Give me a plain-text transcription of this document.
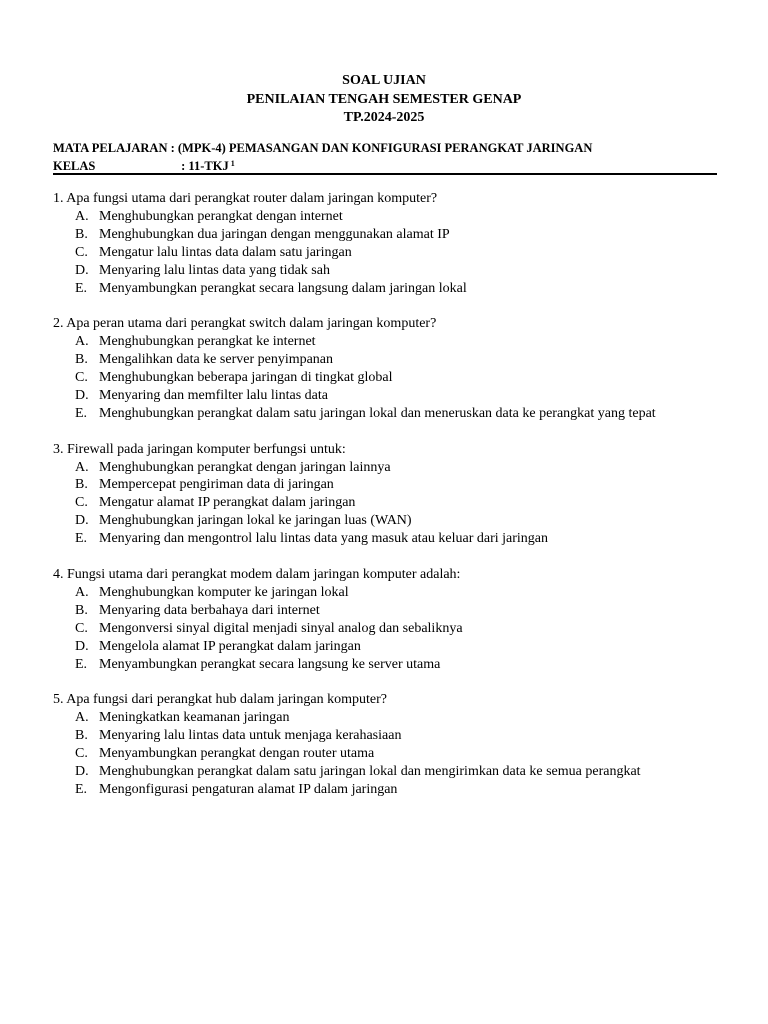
SOAL UJIAN
PENILAIAN TENGAH SEMESTER GENAP
TP.2024-2025
MATA PELAJARAN : (MPK-4) PEMASANGAN DAN KONFIGURASI PERANGKAT JARINGAN
KELAS	: 11-TKJ $^1$
1. Apa fungsi utama dari perangkat router dalam jaringan komputer?
A. Menghubungkan perangkat dengan internet
B. Menghubungkan dua jaringan dengan menggunakan alamat IP
C. Mengatur lalu lintas data dalam satu jaringan
D. Menyaring lalu lintas data yang tidak sah
E. Menyambungkan perangkat secara langsung dalam jaringan lokal
2. Apa peran utama dari perangkat switch dalam jaringan komputer?
A. Menghubungkan perangkat ke internet
B. Mengalihkan data ke server penyimpanan
C. Menghubungkan beberapa jaringan di tingkat global
D. Menyaring dan memfilter lalu lintas data
E. Menghubungkan perangkat dalam satu jaringan lokal dan meneruskan data ke perangkat yang tepat
3. Firewall pada jaringan komputer berfungsi untuk:
A. Menghubungkan perangkat dengan jaringan lainnya
B. Mempercepat pengiriman data di jaringan
C. Mengatur alamat IP perangkat dalam jaringan
D. Menghubungkan jaringan lokal ke jaringan luas (WAN)
E. Menyaring dan mengontrol lalu lintas data yang masuk atau keluar dari jaringan
4. Fungsi utama dari perangkat modem dalam jaringan komputer adalah:
A. Menghubungkan komputer ke jaringan lokal
B. Menyaring data berbahaya dari internet
C. Mengonversi sinyal digital menjadi sinyal analog dan sebaliknya
D. Mengelola alamat IP perangkat dalam jaringan
E. Menyambungkan perangkat secara langsung ke server utama
5. Apa fungsi dari perangkat hub dalam jaringan komputer?
A. Meningkatkan keamanan jaringan
B. Menyaring lalu lintas data untuk menjaga kerahasiaan
C. Menyambungkan perangkat dengan router utama
D. Menghubungkan perangkat dalam satu jaringan lokal dan mengirimkan data ke semua perangkat
E. Mengonfigurasi pengaturan alamat IP dalam jaringan
